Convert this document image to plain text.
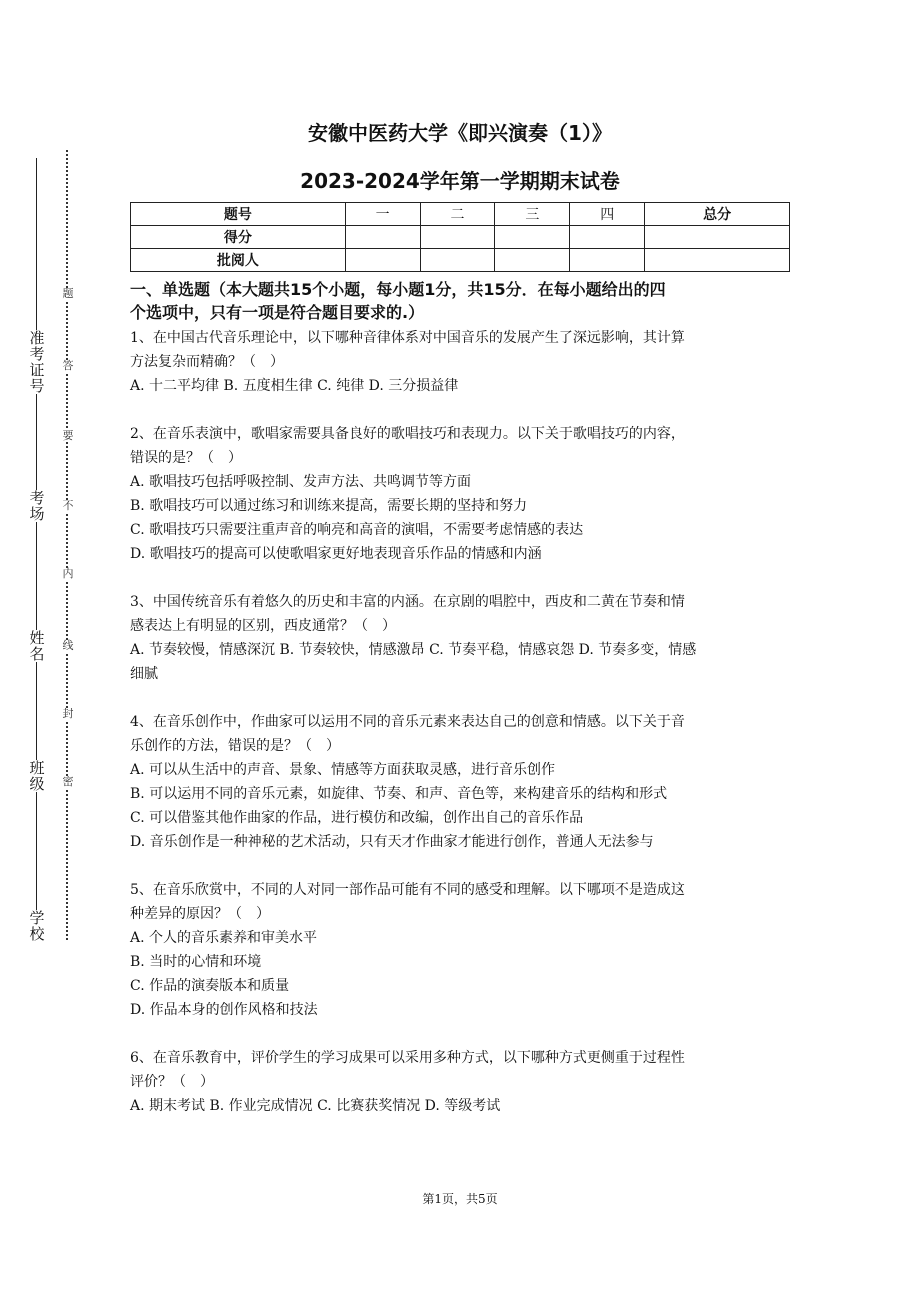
准
考
证
号
考
场
姓
名
班
级
学
校
题
答
要
不
内
线
封
密
安徽中医药大学《即兴演奏（1）》
2023-2024学年第一学期期末试卷
题号	一	二	三	四	总分
得分					
批阅人					
一、单选题（本大题共15个小题，每小题1分，共15分．在每小题给出的四
个选项中，只有一项是符合题目要求的.）

1、在中国古代音乐理论中，以下哪种音律体系对中国音乐的发展产生了深远影响，其计算

方法复杂而精确？（　）

A. 十二平均律 B. 五度相生律 C. 纯律 D. 三分损益律

2、在音乐表演中，歌唱家需要具备良好的歌唱技巧和表现力。以下关于歌唱技巧的内容，

错误的是？（　）

A. 歌唱技巧包括呼吸控制、发声方法、共鸣调节等方面

B. 歌唱技巧可以通过练习和训练来提高，需要长期的坚持和努力

C. 歌唱技巧只需要注重声音的响亮和高音的演唱，不需要考虑情感的表达

D. 歌唱技巧的提高可以使歌唱家更好地表现音乐作品的情感和内涵

3、中国传统音乐有着悠久的历史和丰富的内涵。在京剧的唱腔中，西皮和二黄在节奏和情

感表达上有明显的区别，西皮通常？（　）

A. 节奏较慢，情感深沉 B. 节奏较快，情感激昂 C. 节奏平稳，情感哀怨 D. 节奏多变，情感

细腻

4、在音乐创作中，作曲家可以运用不同的音乐元素来表达自己的创意和情感。以下关于音

乐创作的方法，错误的是？（　）

A. 可以从生活中的声音、景象、情感等方面获取灵感，进行音乐创作

B. 可以运用不同的音乐元素，如旋律、节奏、和声、音色等，来构建音乐的结构和形式

C. 可以借鉴其他作曲家的作品，进行模仿和改编，创作出自己的音乐作品

D. 音乐创作是一种神秘的艺术活动，只有天才作曲家才能进行创作，普通人无法参与

5、在音乐欣赏中，不同的人对同一部作品可能有不同的感受和理解。以下哪项不是造成这

种差异的原因？（　）

A. 个人的音乐素养和审美水平

B. 当时的心情和环境

C. 作品的演奏版本和质量

D. 作品本身的创作风格和技法

6、在音乐教育中，评价学生的学习成果可以采用多种方式，以下哪种方式更侧重于过程性

评价？（　）

A. 期末考试 B. 作业完成情况 C. 比赛获奖情况 D. 等级考试

第1页，共5页
